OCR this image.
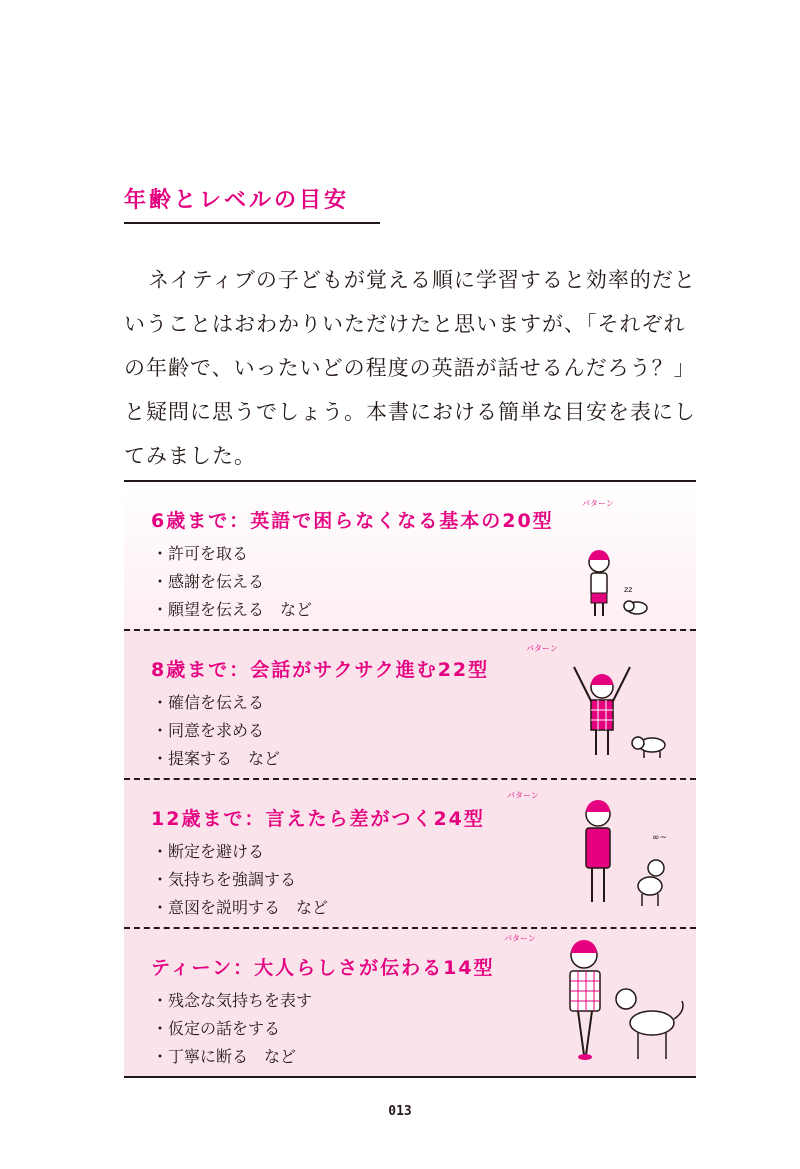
年齢とレベルの目安

ネイティブの子どもが覚える順に学習すると効率的だということはおわかりいただけたと思いますが、「それぞれの年齢で、いったいどの程度の英語が話せるんだろう？」と疑問に思うでしょう。本書における簡単な目安を表にしてみました。

6歳まで：英語で困らなくなる基本の20型
パターン
・ 許可を取る
・ 感謝を伝える
・ 願望を伝える　など
zz
8歳まで：会話がサクサク進む22型
パターン
・ 確信を伝える
・ 同意を求める
・ 提案する　など
12歳まで：言えたら差がつく24型
パターン
・ 断定を避ける
・ 気持ちを強調する
・ 意図を説明する　など
∞~
ティーン：大人らしさが伝わる14型
パターン
・ 残念な気持ちを表す
・ 仮定の話をする
・ 丁寧に断る　など
013
